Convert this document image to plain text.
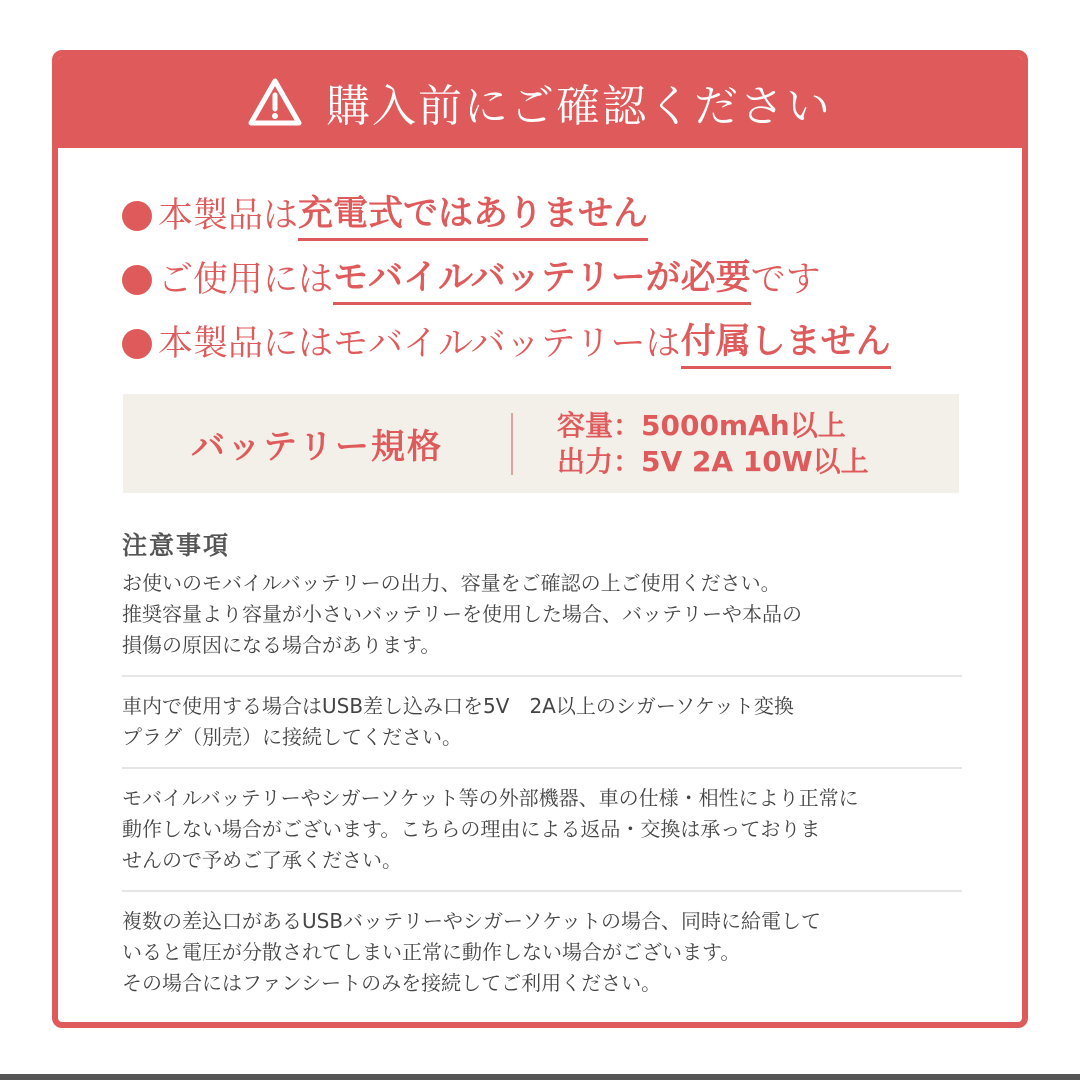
購入前にご確認ください
本製品は 充電式ではありません
ご使用には モバイルバッテリーが必要 です
本製品にはモバイルバッテリーは 付属しません
バッテリー規格
容量：5000mAh以上
出力：5V 2A 10W以上
注意事項
お使いのモバイルバッテリーの出力、容量をご確認の上ご使用ください。
推奨容量より容量が小さいバッテリーを使用した場合、バッテリーや本品の
損傷の原因になる場合があります。
車内で使用する場合はUSB差し込み口を5V　2A以上のシガーソケット変換
プラグ（別売）に接続してください。
モバイルバッテリーやシガーソケット等の外部機器、車の仕様・相性により正常に
動作しない場合がございます。こちらの理由による返品・交換は承っておりま
せんので予めご了承ください。
複数の差込口があるUSBバッテリーやシガーソケットの場合、同時に給電して
いると電圧が分散されてしまい正常に動作しない場合がございます。
その場合にはファンシートのみを接続してご利用ください。
